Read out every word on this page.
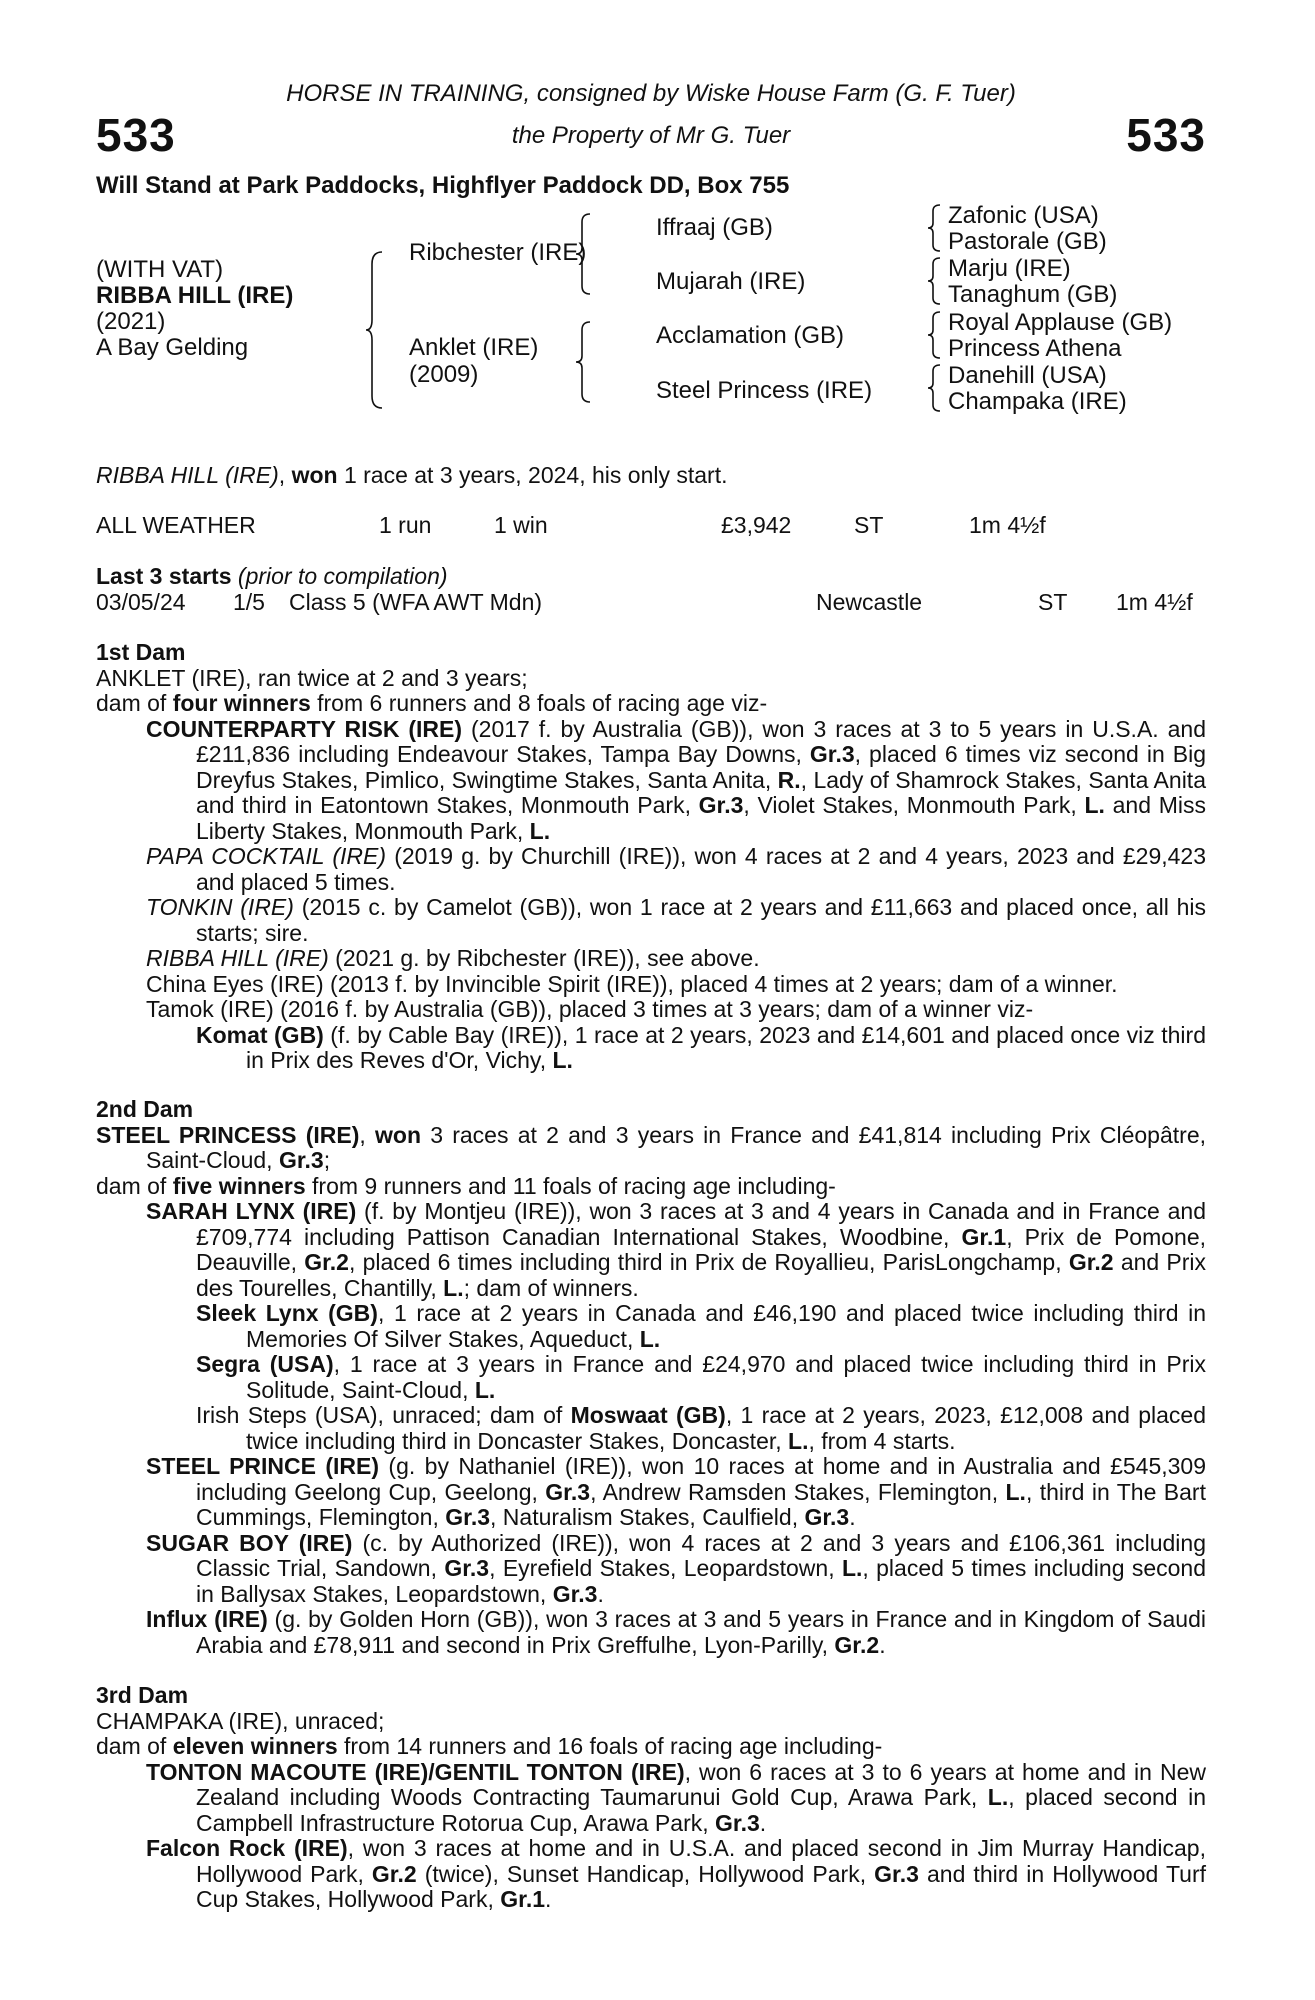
HORSE IN TRAINING, consigned by Wiske House Farm (G. F. Tuer)
533	the Property of Mr G. Tuer	533
Will Stand at Park Paddocks, Highflyer Paddock DD, Box 755
(WITH VAT)
RIBBA HILL (IRE)
(2021)
A Bay Gelding
Ribchester (IRE)
Anklet (IRE)
(2009)
Iffraaj (GB)
Mujarah (IRE)
Acclamation (GB)
Steel Princess (IRE)
Zafonic (USA)
Pastorale (GB)
Marju (IRE)
Tanaghum (GB)
Royal Applause (GB)
Princess Athena
Danehill (USA)
Champaka (IRE)
RIBBA HILL (IRE), won 1 race at 3 years, 2024, his only start.
ALL WEATHER	1 run	1 win	£3,942	ST	1m 4½f
Last 3 starts (prior to compilation)
03/05/24 1/5 Class 5 (WFA AWT Mdn)	Newcastle	ST 1m 4½f

1st Dam

ANKLET (IRE), ran twice at 2 and 3 years;

dam of four winners from 6 runners and 8 foals of racing age viz-

COUNTERPARTY RISK (IRE) (2017 f. by Australia (GB)), won 3 races at 3 to 5 years in U.S.A. and £211,836 including Endeavour Stakes, Tampa Bay Downs, Gr.3, placed 6 times viz second in Big Dreyfus Stakes, Pimlico, Swingtime Stakes, Santa Anita, R., Lady of Shamrock Stakes, Santa Anita and third in Eatontown Stakes, Monmouth Park, Gr.3, Violet Stakes, Monmouth Park, L. and Miss Liberty Stakes, Monmouth Park, L.

PAPA COCKTAIL (IRE) (2019 g. by Churchill (IRE)), won 4 races at 2 and 4 years, 2023 and £29,423 and placed 5 times.

TONKIN (IRE) (2015 c. by Camelot (GB)), won 1 race at 2 years and £11,663 and placed once, all his starts; sire.

RIBBA HILL (IRE) (2021 g. by Ribchester (IRE)), see above.

China Eyes (IRE) (2013 f. by Invincible Spirit (IRE)), placed 4 times at 2 years; dam of a winner.

Tamok (IRE) (2016 f. by Australia (GB)), placed 3 times at 3 years; dam of a winner viz-

Komat (GB) (f. by Cable Bay (IRE)), 1 race at 2 years, 2023 and £14,601 and placed once viz third in Prix des Reves d'Or, Vichy, L.

2nd Dam

STEEL PRINCESS (IRE), won 3 races at 2 and 3 years in France and £41,814 including Prix Cléopâtre, Saint-Cloud, Gr.3;

dam of five winners from 9 runners and 11 foals of racing age including-

SARAH LYNX (IRE) (f. by Montjeu (IRE)), won 3 races at 3 and 4 years in Canada and in France and £709,774 including Pattison Canadian International Stakes, Woodbine, Gr.1, Prix de Pomone, Deauville, Gr.2, placed 6 times including third in Prix de Royallieu, ParisLongchamp, Gr.2 and Prix des Tourelles, Chantilly, L.; dam of winners.

Sleek Lynx (GB), 1 race at 2 years in Canada and £46,190 and placed twice including third in Memories Of Silver Stakes, Aqueduct, L.

Segra (USA), 1 race at 3 years in France and £24,970 and placed twice including third in Prix Solitude, Saint-Cloud, L.

Irish Steps (USA), unraced; dam of Moswaat (GB), 1 race at 2 years, 2023, £12,008 and placed twice including third in Doncaster Stakes, Doncaster, L., from 4 starts.

STEEL PRINCE (IRE) (g. by Nathaniel (IRE)), won 10 races at home and in Australia and £545,309 including Geelong Cup, Geelong, Gr.3, Andrew Ramsden Stakes, Flemington, L., third in The Bart Cummings, Flemington, Gr.3, Naturalism Stakes, Caulfield, Gr.3.

SUGAR BOY (IRE) (c. by Authorized (IRE)), won 4 races at 2 and 3 years and £106,361 including Classic Trial, Sandown, Gr.3, Eyrefield Stakes, Leopardstown, L., placed 5 times including second in Ballysax Stakes, Leopardstown, Gr.3.

Influx (IRE) (g. by Golden Horn (GB)), won 3 races at 3 and 5 years in France and in Kingdom of Saudi Arabia and £78,911 and second in Prix Greffulhe, Lyon-Parilly, Gr.2.

3rd Dam

CHAMPAKA (IRE), unraced;

dam of eleven winners from 14 runners and 16 foals of racing age including-

TONTON MACOUTE (IRE)/GENTIL TONTON (IRE), won 6 races at 3 to 6 years at home and in New Zealand including Woods Contracting Taumarunui Gold Cup, Arawa Park, L., placed second in Campbell Infrastructure Rotorua Cup, Arawa Park, Gr.3.

Falcon Rock (IRE), won 3 races at home and in U.S.A. and placed second in Jim Murray Handicap, Hollywood Park, Gr.2 (twice), Sunset Handicap, Hollywood Park, Gr.3 and third in Hollywood Turf Cup Stakes, Hollywood Park, Gr.1.
